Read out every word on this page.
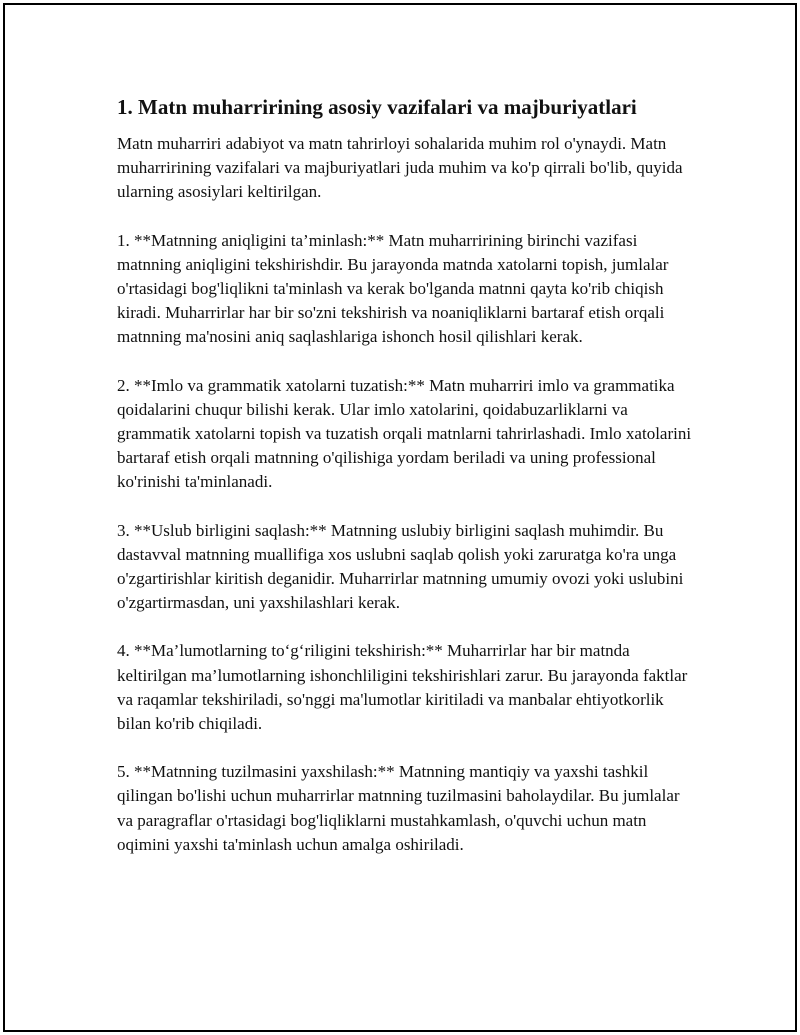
1. Matn muharririning asosiy vazifalari va majburiyatlari

Matn muharriri adabiyot va matn tahrirloyi sohalarida muhim rol o'ynaydi. Matn muharririning vazifalari va majburiyatlari juda muhim va ko'p qirrali bo'lib, quyida ularning asosiylari keltirilgan.

1. **Matnning aniqligini ta’minlash:** Matn muharririning birinchi vazifasi matnning aniqligini tekshirishdir. Bu jarayonda matnda xatolarni topish, jumlalar o'rtasidagi bog'liqlikni ta'minlash va kerak bo'lganda matnni qayta ko'rib chiqish kiradi. Muharrirlar har bir so'zni tekshirish va noaniqliklarni bartaraf etish orqali matnning ma'nosini aniq saqlashlariga ishonch hosil qilishlari kerak.

2. **Imlo va grammatik xatolarni tuzatish:** Matn muharriri imlo va grammatika qoidalarini chuqur bilishi kerak. Ular imlo xatolarini, qoidabuzarliklarni va grammatik xatolarni topish va tuzatish orqali matnlarni tahrirlashadi. Imlo xatolarini bartaraf etish orqali matnning o'qilishiga yordam beriladi va uning professional ko'rinishi ta'minlanadi.

3. **Uslub birligini saqlash:** Matnning uslubiy birligini saqlash muhimdir. Bu dastavval matnning muallifiga xos uslubni saqlab qolish yoki zaruratga ko'ra unga o'zgartirishlar kiritish deganidir. Muharrirlar matnning umumiy ovozi yoki uslubini o'zgartirmasdan, uni yaxshilashlari kerak.

4. **Ma’lumotlarning to‘g‘riligini tekshirish:** Muharrirlar har bir matnda keltirilgan ma’lumotlarning ishonchliligini tekshirishlari zarur. Bu jarayonda faktlar va raqamlar tekshiriladi, so'nggi ma'lumotlar kiritiladi va manbalar ehtiyotkorlik bilan ko'rib chiqiladi.

5. **Matnning tuzilmasini yaxshilash:** Matnning mantiqiy va yaxshi tashkil qilingan bo'lishi uchun muharrirlar matnning tuzilmasini baholaydilar. Bu jumlalar va paragraflar o'rtasidagi bog'liqliklarni mustahkamlash, o'quvchi uchun matn oqimini yaxshi ta'minlash uchun amalga oshiriladi.
